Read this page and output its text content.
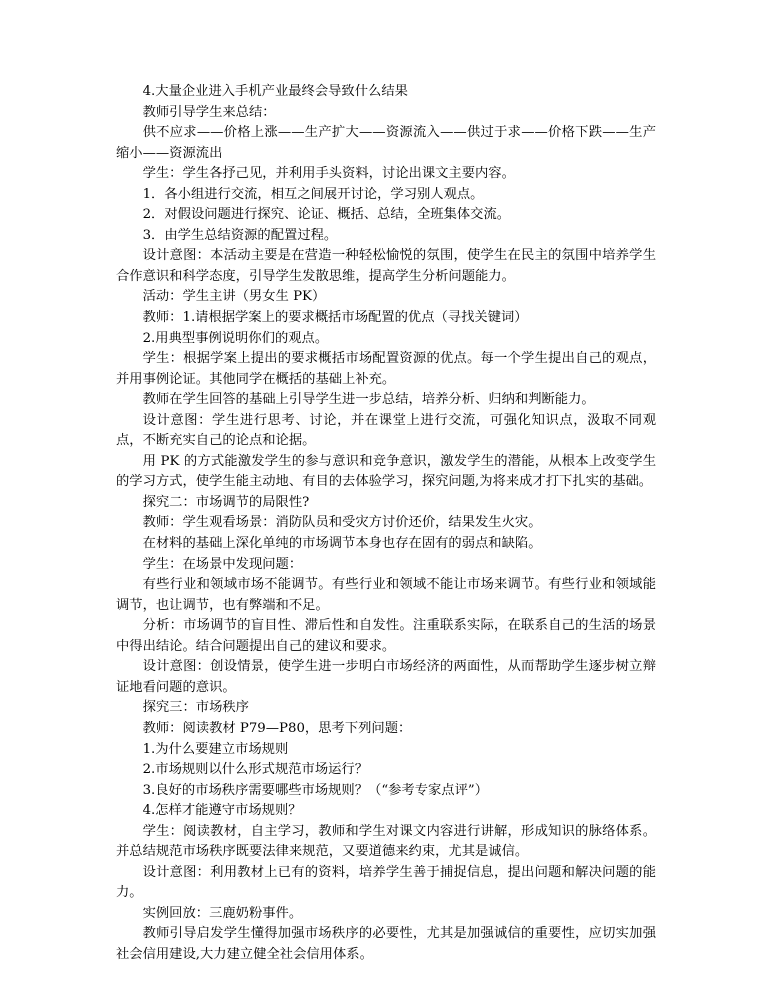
4.大量企业进入手机产业最终会导致什么结果

教师引导学生来总结：

供不应求——价格上涨——生产扩大——资源流入——供过于求——价格下跌——生产缩小——资源流出

学生：学生各抒己见，并利用手头资料，讨论出课文主要内容。

1．各小组进行交流，相互之间展开讨论，学习别人观点。

2．对假设问题进行探究、论证、概括、总结，全班集体交流。

3．由学生总结资源的配置过程。

设计意图：本活动主要是在营造一种轻松愉悦的氛围，使学生在民主的氛围中培养学生合作意识和科学态度，引导学生发散思维，提高学生分析问题能力。

活动：学生主讲（男女生 PK）

教师：1.请根据学案上的要求概括市场配置的优点（寻找关键词）

2.用典型事例说明你们的观点。

学生：根据学案上提出的要求概括市场配置资源的优点。每一个学生提出自己的观点，并用事例论证。其他同学在概括的基础上补充。

教师在学生回答的基础上引导学生进一步总结，培养分析、归纳和判断能力。

设计意图：学生进行思考、讨论，并在课堂上进行交流，可强化知识点，汲取不同观点，不断充实自己的论点和论据。

用 PK 的方式能激发学生的参与意识和竞争意识，激发学生的潜能，从根本上改变学生的学习方式，使学生能主动地、有目的去体验学习，探究问题,为将来成才打下扎实的基础。

探究二：市场调节的局限性?

教师：学生观看场景：消防队员和受灾方讨价还价，结果发生火灾。

在材料的基础上深化单纯的市场调节本身也存在固有的弱点和缺陷。

学生：在场景中发现问题：

有些行业和领域市场不能调节。有些行业和领域不能让市场来调节。有些行业和领域能调节，也让调节，也有弊端和不足。

分析：市场调节的盲目性、滞后性和自发性。注重联系实际，在联系自己的生活的场景中得出结论。结合问题提出自己的建议和要求。

设计意图：创设情景，使学生进一步明白市场经济的两面性，从而帮助学生逐步树立辩证地看问题的意识。

探究三：市场秩序

教师：阅读教材 P79—P80，思考下列问题：

1.为什么要建立市场规则

2.市场规则以什么形式规范市场运行？

3.良好的市场秩序需要哪些市场规则？（“参考专家点评”）

4.怎样才能遵守市场规则？

学生：阅读教材，自主学习，教师和学生对课文内容进行讲解，形成知识的脉络体系。并总结规范市场秩序既要法律来规范，又要道德来约束，尤其是诚信。

设计意图：利用教材上已有的资料，培养学生善于捕捉信息，提出问题和解决问题的能力。

实例回放：三鹿奶粉事件。

教师引导启发学生懂得加强市场秩序的必要性，尤其是加强诚信的重要性，应切实加强社会信用建设,大力建立健全社会信用体系。
